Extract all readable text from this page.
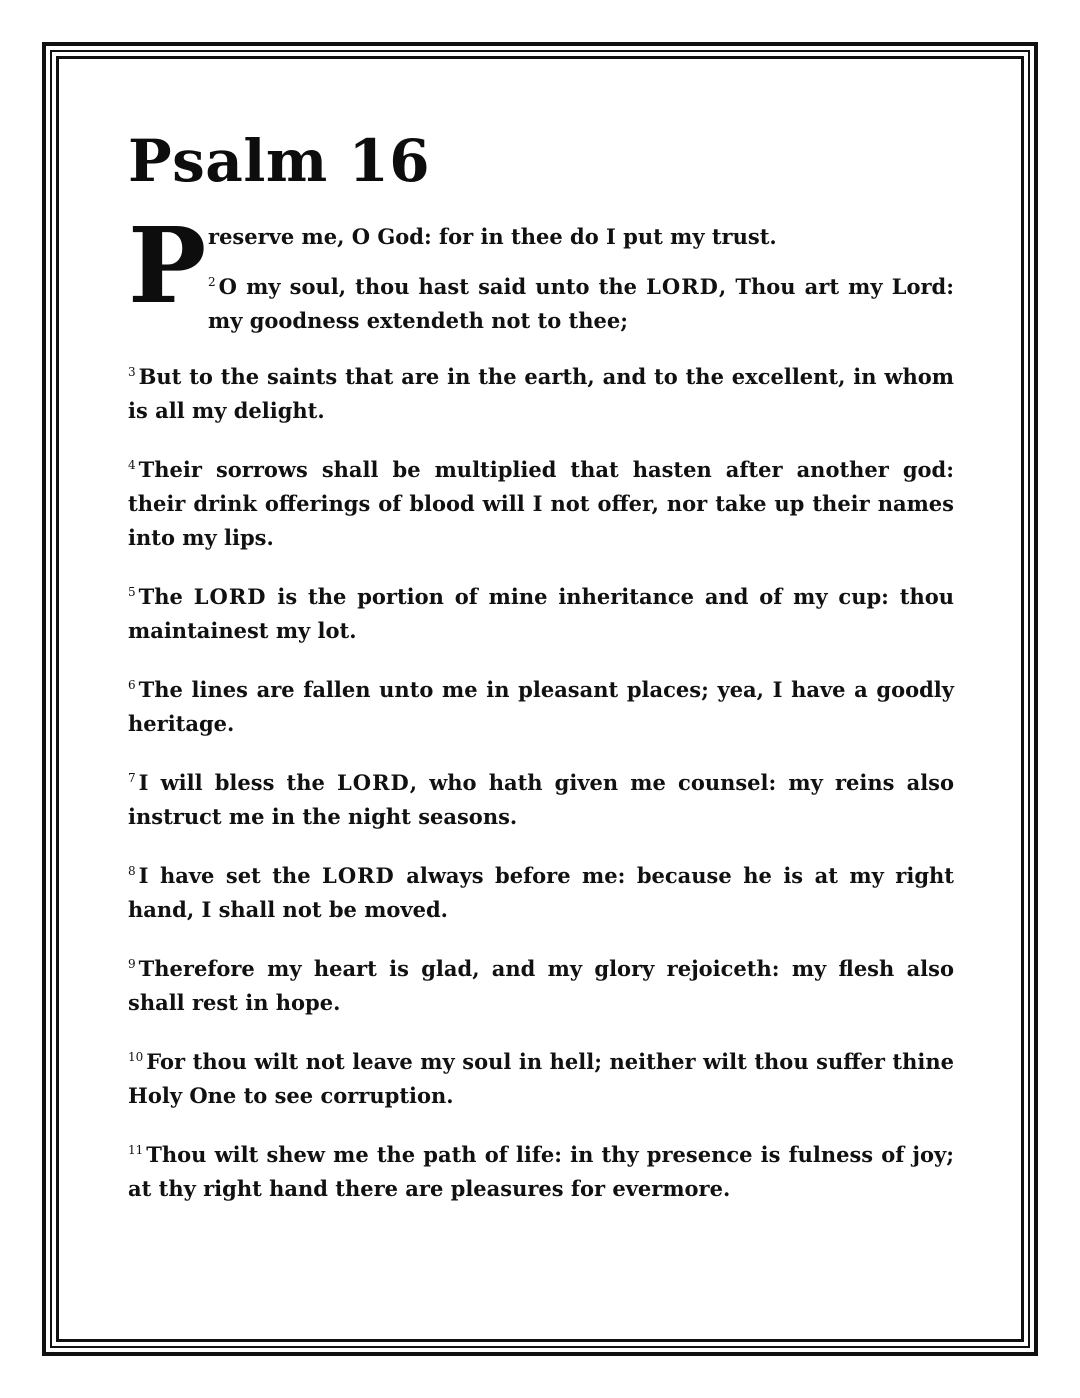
Psalm 16
P reserve me, O God: for in thee do I put my trust.

$^2$ O my soul, thou hast said unto the LORD, Thou art my Lord: my goodness extendeth not to thee;

$^3$ But to the saints that are in the earth, and to the excellent, in whom is all my delight.

$^4$ Their sorrows shall be multiplied that hasten after another god: their drink offerings of blood will I not offer, nor take up their names into my lips.

$^5$ The LORD is the portion of mine inheritance and of my cup: thou maintainest my lot.

$^6$ The lines are fallen unto me in pleasant places; yea, I have a goodly heritage.

$^7$ I will bless the LORD, who hath given me counsel: my reins also instruct me in the night seasons.

$^8$ I have set the LORD always before me: because he is at my right hand, I shall not be moved.

$^9$ Therefore my heart is glad, and my glory rejoiceth: my flesh also shall rest in hope.

$^{10}$ For thou wilt not leave my soul in hell; neither wilt thou suffer thine Holy One to see corruption.

$^{11}$ Thou wilt shew me the path of life: in thy presence is fulness of joy; at thy right hand there are pleasures for evermore.
